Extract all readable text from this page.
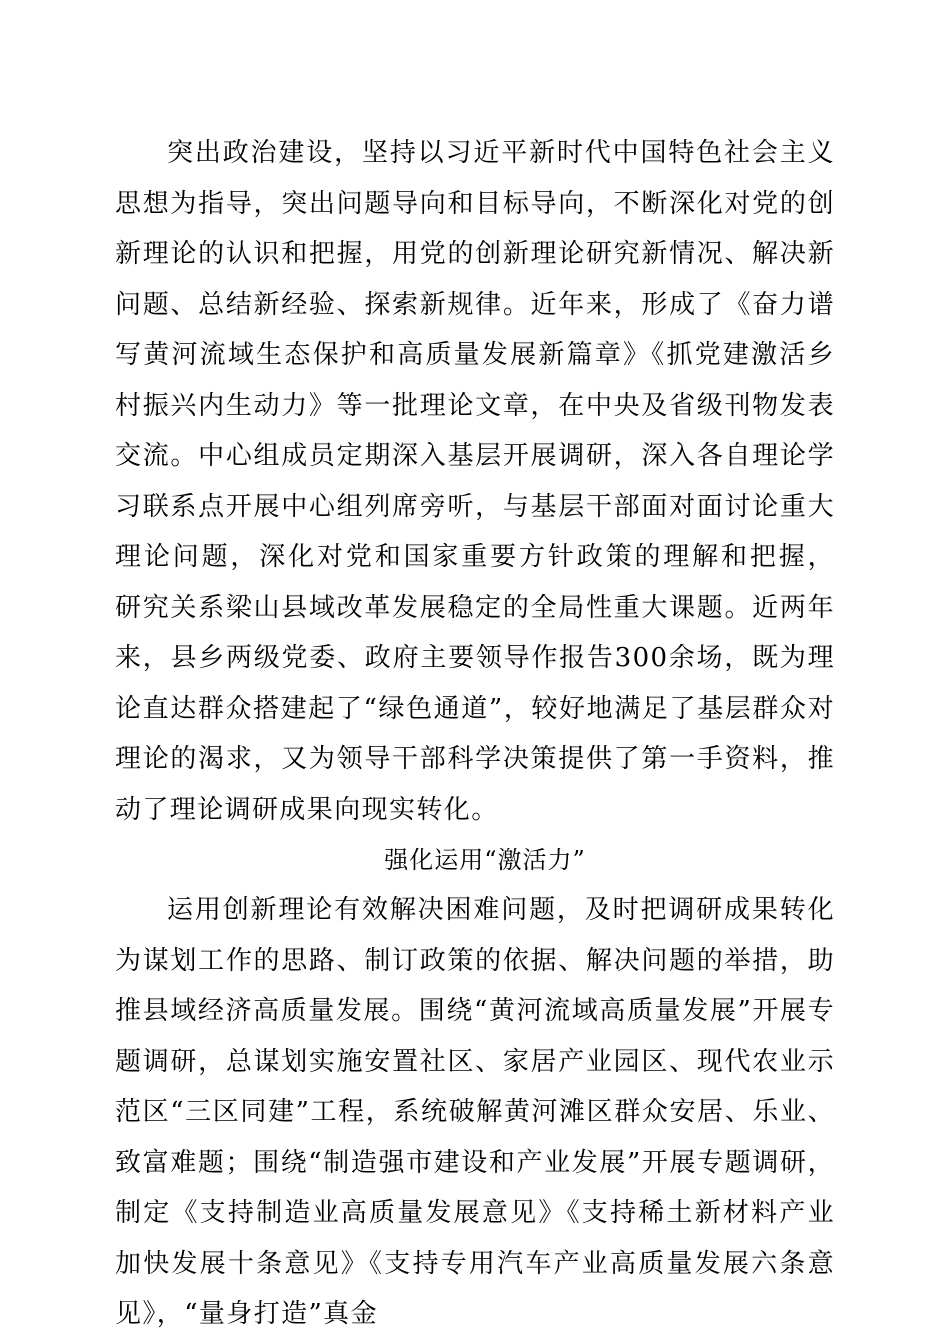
突出政治建设，坚持以习近平新时代中国特色社会主义思想为指导，突出问题导向和目标导向，不断深化对党的创新理论的认识和把握，用党的创新理论研究新情况、解决新问题、总结新经验、探索新规律。近年来，形成了《奋力谱写黄河流域生态保护和高质量发展新篇章》《抓党建激活乡村振兴内生动力》等一批理论文章，在中央及省级刊物发表交流。中心组成员定期深入基层开展调研，深入各自理论学习联系点开展中心组列席旁听，与基层干部面对面讨论重大理论问题，深化对党和国家重要方针政策的理解和把握， 研究关系梁山县域改革发展稳定的全局性重大课题。近两年来，县乡两级党委、政府主要领导作报告300余场，既为理论直达群众搭建起了“绿色通道”，较好地满足了基层群众对理论的渴求，又为领导干部科学决策提供了第一手资料，推动了理论调研成果向现实转化。

强化运用“激活力”

运用创新理论有效解决困难问题，及时把调研成果转化为谋划工作的思路、制订政策的依据、解决问题的举措，助推县域经济高质量发展。围绕“黄河流域高质量发展”开展专题调研，总谋划实施安置社区、家居产业园区、现代农业示范区“三区同建”工程，系统破解黄河滩区群众安居、乐业、致富难题；围绕“制造强市建设和产业发展”开展专题调研，制定《支持制造业高质量发展意见》《支持稀土新材料产业加快发展十条意见》《支持专用汽车产业高质量发展六条意见》，“量身打造”真金
